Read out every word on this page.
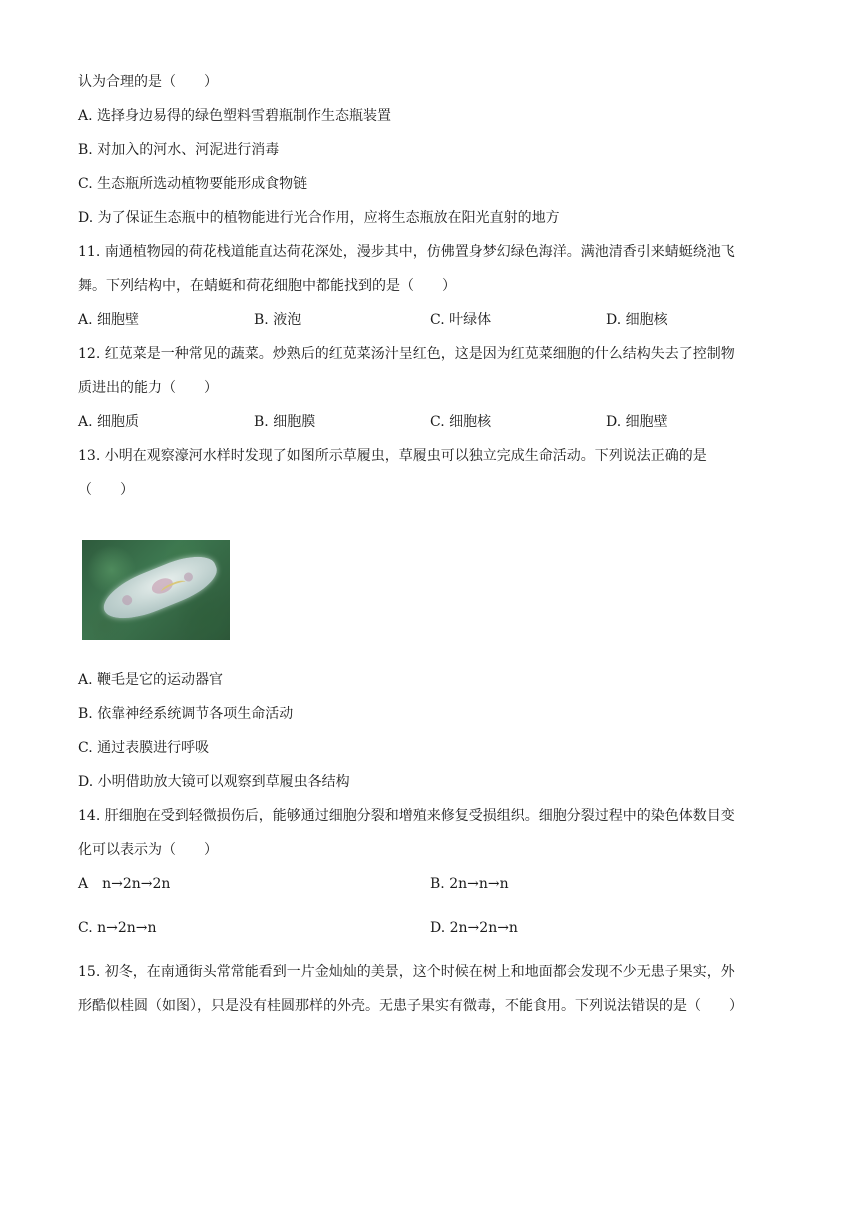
认为合理的是（　　）
A. 选择身边易得的绿色塑料雪碧瓶制作生态瓶装置
B. 对加入的河水、河泥进行消毒
C. 生态瓶所选动植物要能形成食物链
D. 为了保证生态瓶中的植物能进行光合作用，应将生态瓶放在阳光直射的地方
11. 南通植物园的荷花栈道能直达荷花深处，漫步其中，仿佛置身梦幻绿色海洋。满池清香引来蜻蜓绕池飞
舞。下列结构中，在蜻蜓和荷花细胞中都能找到的是（　　）
A. 细胞壁	B. 液泡	C. 叶绿体	D. 细胞核
12. 红苋菜是一种常见的蔬菜。炒熟后的红苋菜汤汁呈红色，这是因为红苋菜细胞的什么结构失去了控制物
质进出的能力（　　）
A. 细胞质	B. 细胞膜	C. 细胞核	D. 细胞壁
13. 小明在观察濠河水样时发现了如图所示草履虫，草履虫可以独立完成生命活动。下列说法正确的是
（　　）
A. 鞭毛是它的运动器官
B. 依靠神经系统调节各项生命活动
C. 通过表膜进行呼吸
D. 小明借助放大镜可以观察到草履虫各结构
14. 肝细胞在受到轻微损伤后，能够通过细胞分裂和增殖来修复受损组织。细胞分裂过程中的染色体数目变
化可以表示为（　　）
A　n→2n→2n	B. 2n→n→n
C. n→2n→n	D. 2n→2n→n
15. 初冬，在南通街头常常能看到一片金灿灿的美景，这个时候在树上和地面都会发现不少无患子果实，外
形酷似桂圆（如图），只是没有桂圆那样的外壳。无患子果实有微毒，不能食用。下列说法错误的是（　　）
